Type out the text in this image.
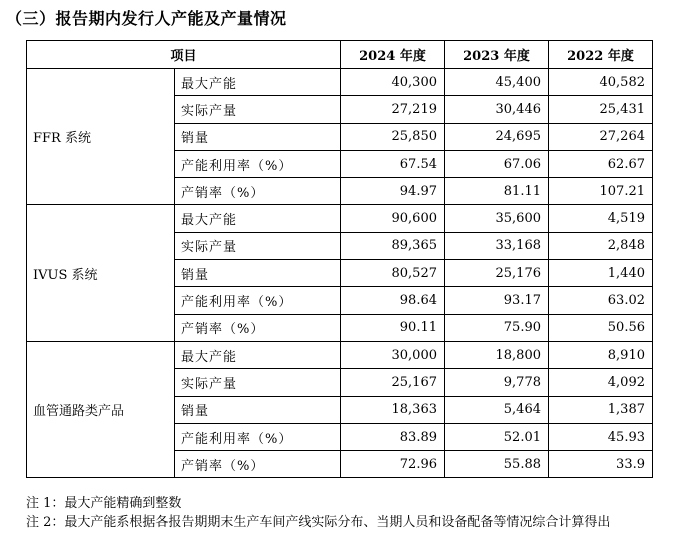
（三）报告期内发行人产能及产量情况
项目		2024 年度	2023 年度	2022 年度
FFR 系统	最大产能	40,300	45,400	40,582
	实际产量	27,219	30,446	25,431
	销量	25,850	24,695	27,264
	产能利用率（%）	67.54	67.06	62.67
	产销率（%）	94.97	81.11	107.21
IVUS 系统	最大产能	90,600	35,600	4,519
	实际产量	89,365	33,168	2,848
	销量	80,527	25,176	1,440
	产能利用率（%）	98.64	93.17	63.02
	产销率（%）	90.11	75.90	50.56
血管通路类产品	最大产能	30,000	18,800	8,910
	实际产量	25,167	9,778	4,092
	销量	18,363	5,464	1,387
	产能利用率（%）	83.89	52.01	45.93
	产销率（%）	72.96	55.88	33.9

注 1：最大产能精确到整数

注 2：最大产能系根据各报告期期末生产车间产线实际分布、当期人员和设备配备等情况综合计算得出
